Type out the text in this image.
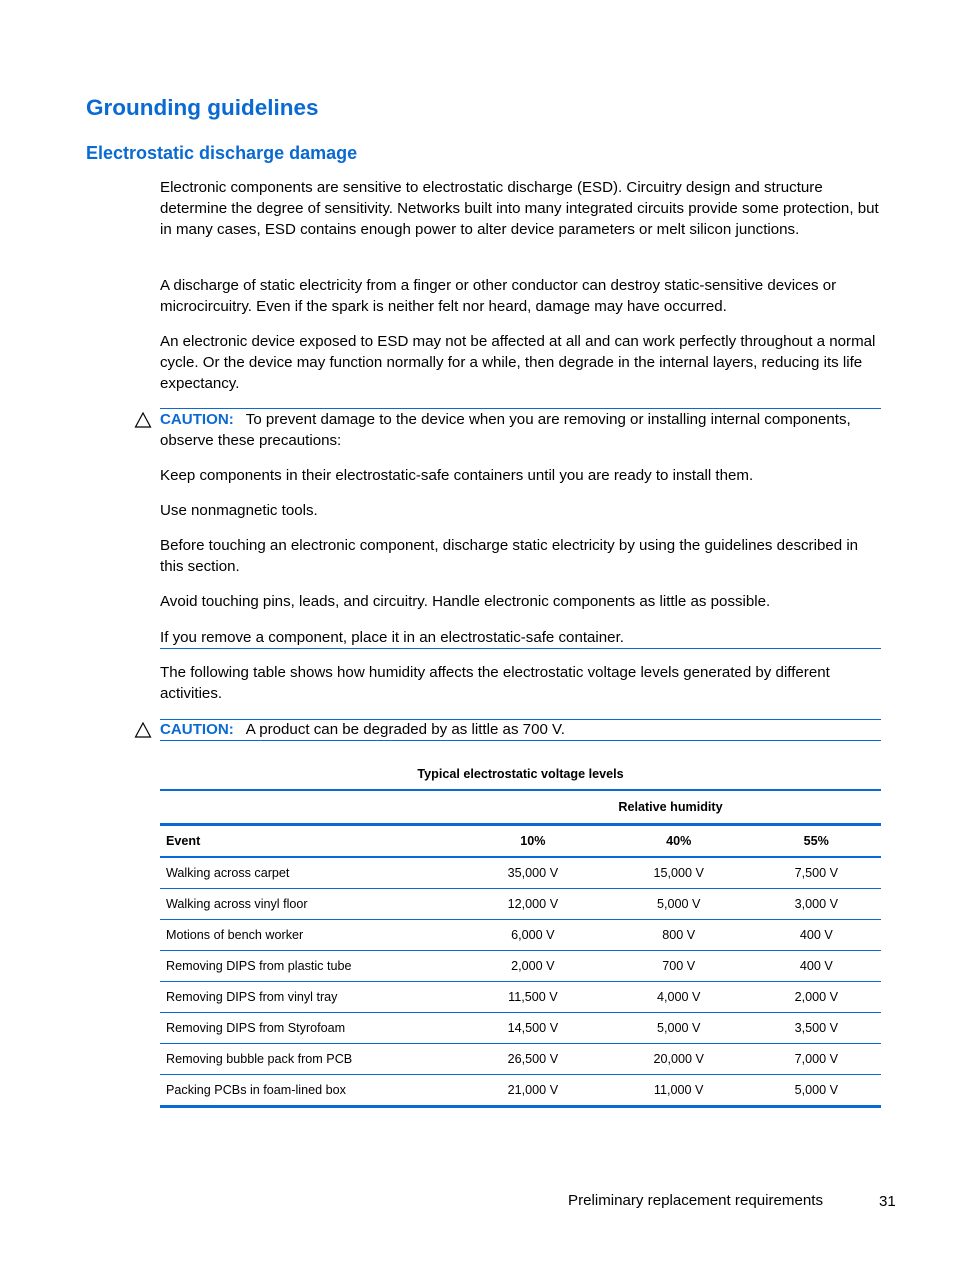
Grounding guidelines
Electrostatic discharge damage

Electronic components are sensitive to electrostatic discharge (ESD). Circuitry design and structure determine the degree of sensitivity. Networks built into many integrated circuits provide some protection, but in many cases, ESD contains enough power to alter device parameters or melt silicon junctions.

A discharge of static electricity from a finger or other conductor can destroy static-sensitive devices or microcircuitry. Even if the spark is neither felt nor heard, damage may have occurred.

An electronic device exposed to ESD may not be affected at all and can work perfectly throughout a normal cycle. Or the device may function normally for a while, then degrade in the internal layers, reducing its life expectancy.

CAUTION: To prevent damage to the device when you are removing or installing internal components, observe these precautions:

Keep components in their electrostatic-safe containers until you are ready to install them.

Use nonmagnetic tools.

Before touching an electronic component, discharge static electricity by using the guidelines described in this section.

Avoid touching pins, leads, and circuitry. Handle electronic components as little as possible.

If you remove a component, place it in an electrostatic-safe container.

The following table shows how humidity affects the electrostatic voltage levels generated by different activities.

CAUTION: A product can be degraded by as little as 700 V.

Typical electrostatic voltage levels
	Relative humidity		
Event	10%	40%	55%
Walking across carpet	35,000 V	15,000 V	7,500 V
Walking across vinyl floor	12,000 V	5,000 V	3,000 V
Motions of bench worker	6,000 V	800 V	400 V
Removing DIPS from plastic tube	2,000 V	700 V	400 V
Removing DIPS from vinyl tray	11,500 V	4,000 V	2,000 V
Removing DIPS from Styrofoam	14,500 V	5,000 V	3,500 V
Removing bubble pack from PCB	26,500 V	20,000 V	7,000 V
Packing PCBs in foam-lined box	21,000 V	11,000 V	5,000 V
Preliminary replacement requirements	31
